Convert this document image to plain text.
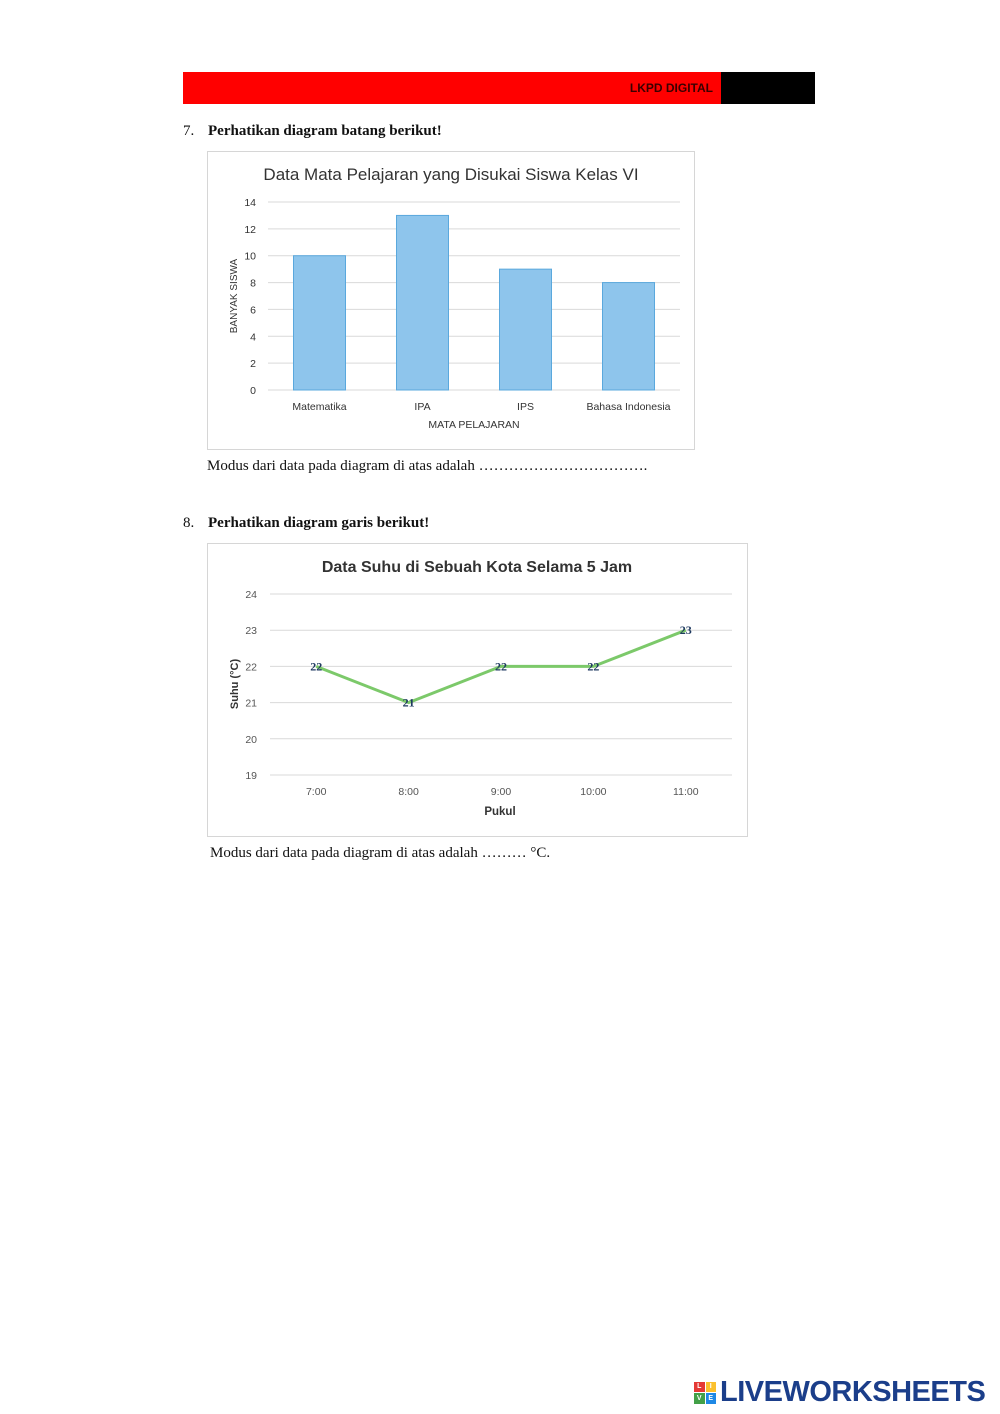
LKPD DIGITAL
7. Perhatikan diagram batang berikut!
Data Mata Pelajaran yang Disukai Siswa Kelas VI
0
2
4
6
8
10
12
14
Matematika	IPA	IPS	Bahasa Indonesia
MATA PELAJARAN
BANYAK SISWA
Modus dari data pada diagram di atas adalah …………………………….
8. Perhatikan diagram garis berikut!
Data Suhu di Sebuah Kota Selama 5 Jam
19
20
21
22
23
24
7:00	8:00	9:00	10:00	11:00
22
21
22	22
23
Pukul
Suhu (°C)
Modus dari data pada diagram di atas adalah ……… °C.
L	I
V E LIVEWORKSHEETS
